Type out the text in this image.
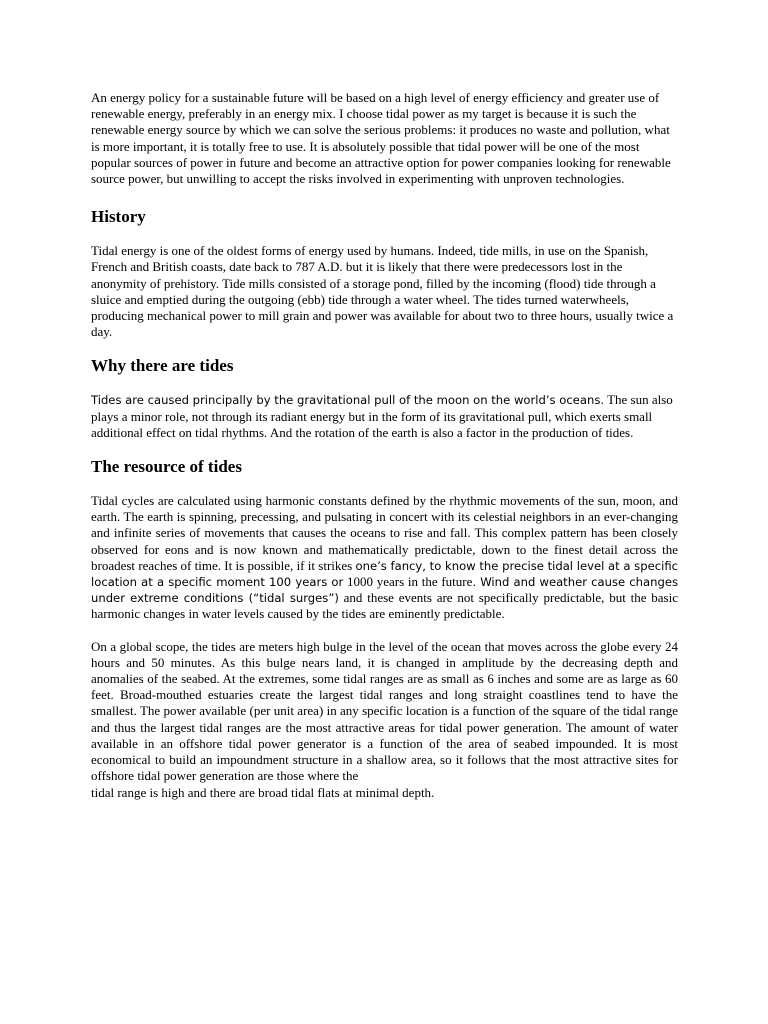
An energy policy for a sustainable future will be based on a high level of energy efficiency and greater use of renewable energy, preferably in an energy mix. I choose tidal power as my target is because it is such the renewable energy source by which we can solve the serious problems: it produces no waste and pollution, what is more important, it is totally free to use. It is absolutely possible that tidal power will be one of the most popular sources of power in future and become an attractive option for power companies looking for renewable source power, but unwilling to accept the risks involved in experimenting with unproven technologies.

History

Tidal energy is one of the oldest forms of energy used by humans. Indeed, tide mills, in use on the Spanish, French and British coasts, date back to 787 A.D. but it is likely that there were predecessors lost in the anonymity of prehistory. Tide mills consisted of a storage pond, filled by the incoming (flood) tide through a sluice and emptied during the outgoing (ebb) tide through a water wheel. The tides turned waterwheels, producing mechanical power to mill grain and power was available for about two to three hours, usually twice a day.

Why there are tides

Tides are caused principally by the gravitational pull of the moon on the world’s oceans. The sun also plays a minor role, not through its radiant energy but in the form of its gravitational pull, which exerts small additional effect on tidal rhythms. And the rotation of the earth is also a factor in the production of tides.

The resource of tides

Tidal cycles are calculated using harmonic constants defined by the rhythmic movements of the sun, moon, and earth. The earth is spinning, precessing, and pulsating in concert with its celestial neighbors in an ever-changing and infinite series of movements that causes the oceans to rise and fall. This complex pattern has been closely observed for eons and is now known and mathematically predictable, down to the finest detail across the broadest reaches of time. It is possible, if it strikes one’s fancy, to know the precise tidal level at a specific location at a specific moment 100 years or 1000 years in the future. Wind and weather cause changes under extreme conditions (“tidal surges”) and these events are not specifically predictable, but the basic harmonic changes in water levels caused by the tides are eminently predictable.

On a global scope, the tides are meters high bulge in the level of the ocean that moves across the globe every 24 hours and 50 minutes. As this bulge nears land, it is changed in amplitude by the decreasing depth and anomalies of the seabed. At the extremes, some tidal ranges are as small as 6 inches and some are as large as 60 feet. Broad-mouthed estuaries create the largest tidal ranges and long straight coastlines tend to have the smallest. The power available (per unit area) in any specific location is a function of the square of the tidal range and thus the largest tidal ranges are the most attractive areas for tidal power generation. The amount of water available in an offshore tidal power generator is a function of the area of seabed impounded. It is most economical to build an impoundment structure in a shallow area, so it follows that the most attractive sites for offshore tidal power generation are those where the

tidal range is high and there are broad tidal flats at minimal depth.
